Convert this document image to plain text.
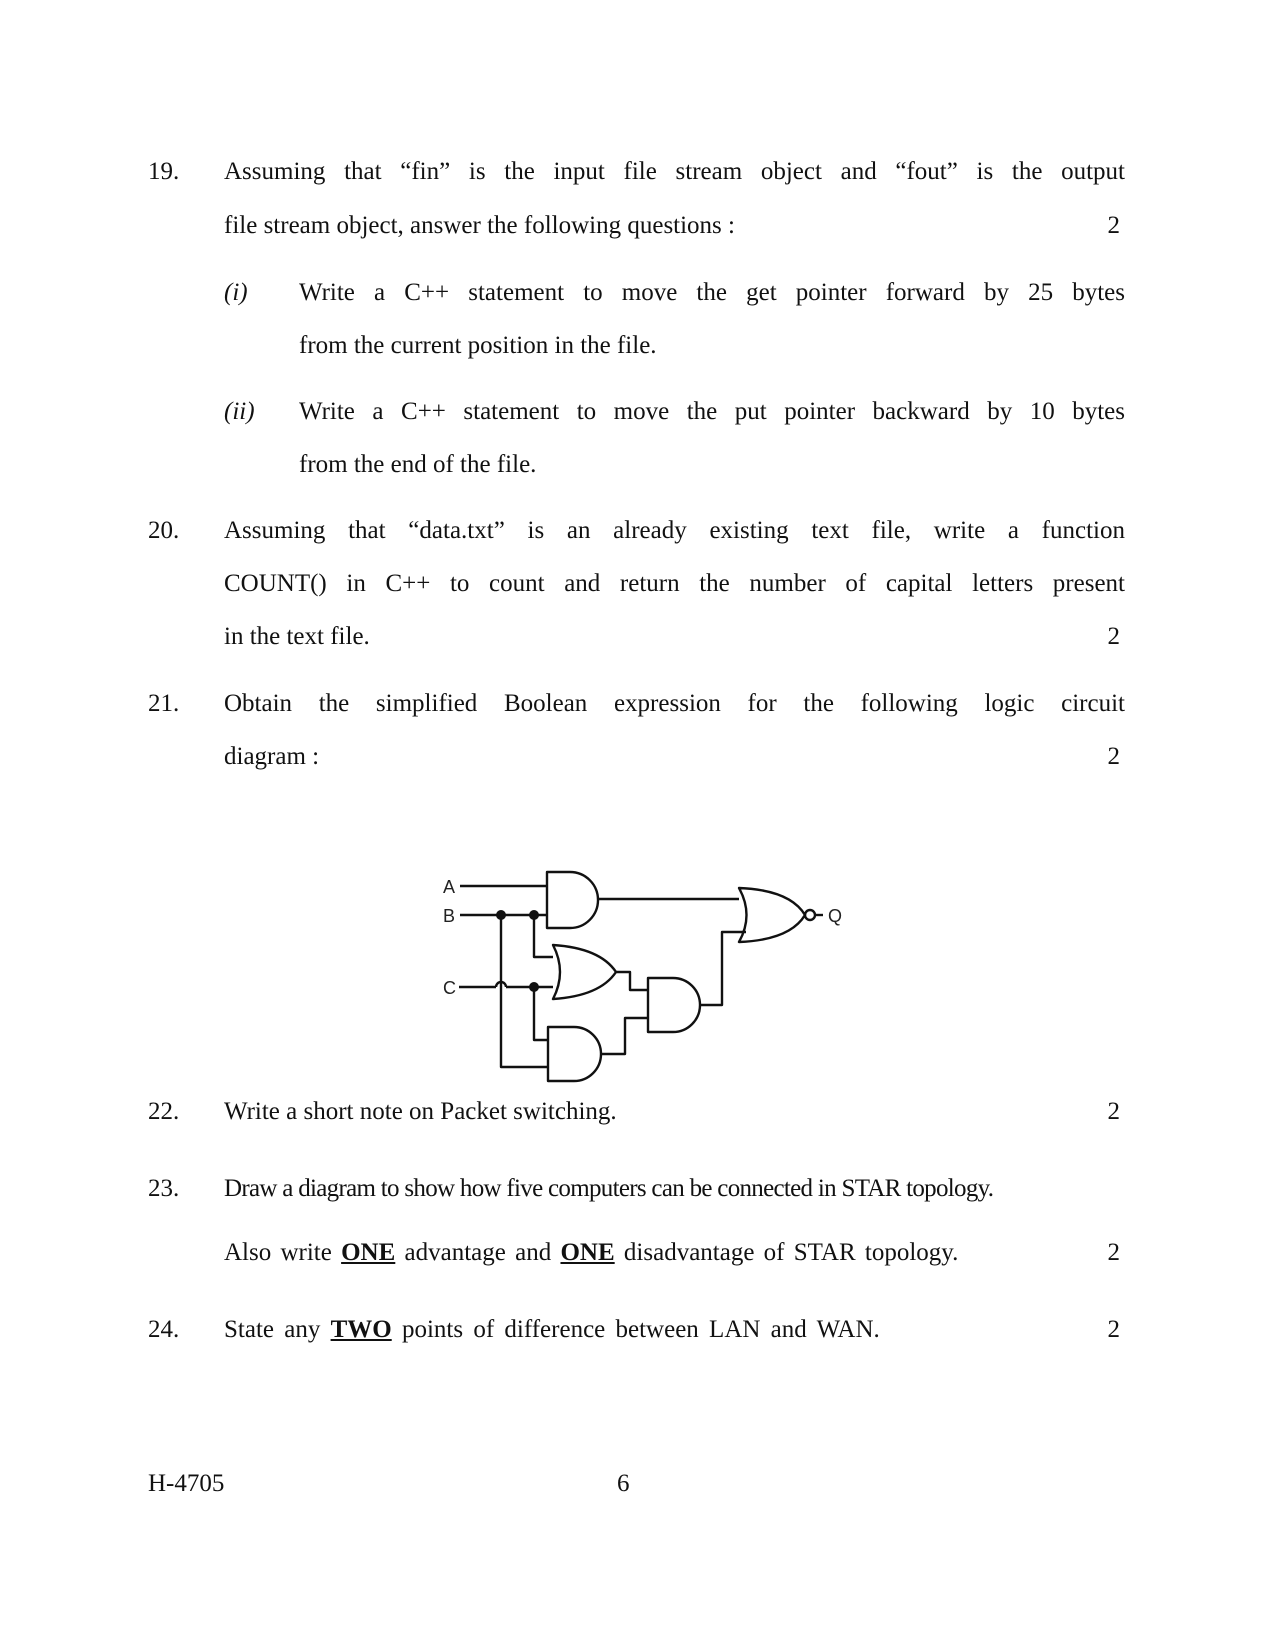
19. Assuming that “fin” is the input file stream object and “fout” is the output
file stream object, answer the following questions :	2
(i) Write a C++ statement to move the get pointer forward by 25 bytes
from the current position in the file.
(ii) Write a C++ statement to move the put pointer backward by 10 bytes
from the end of the file.
20. Assuming that “data.txt” is an already existing text file, write a function
COUNT() in C++ to count and return the number of capital letters present
in the text file.	2
21. Obtain the simplified Boolean expression for the following logic circuit
diagram :	2
A
B
C
Q
22. Write a short note on Packet switching.	2
23. Draw a diagram to show how five computers can be connected in STAR topology.
Also write ONE advantage and ONE disadvantage of STAR topology.	2
24. State any TWO points of difference between LAN and WAN.	2
H-4705	6
